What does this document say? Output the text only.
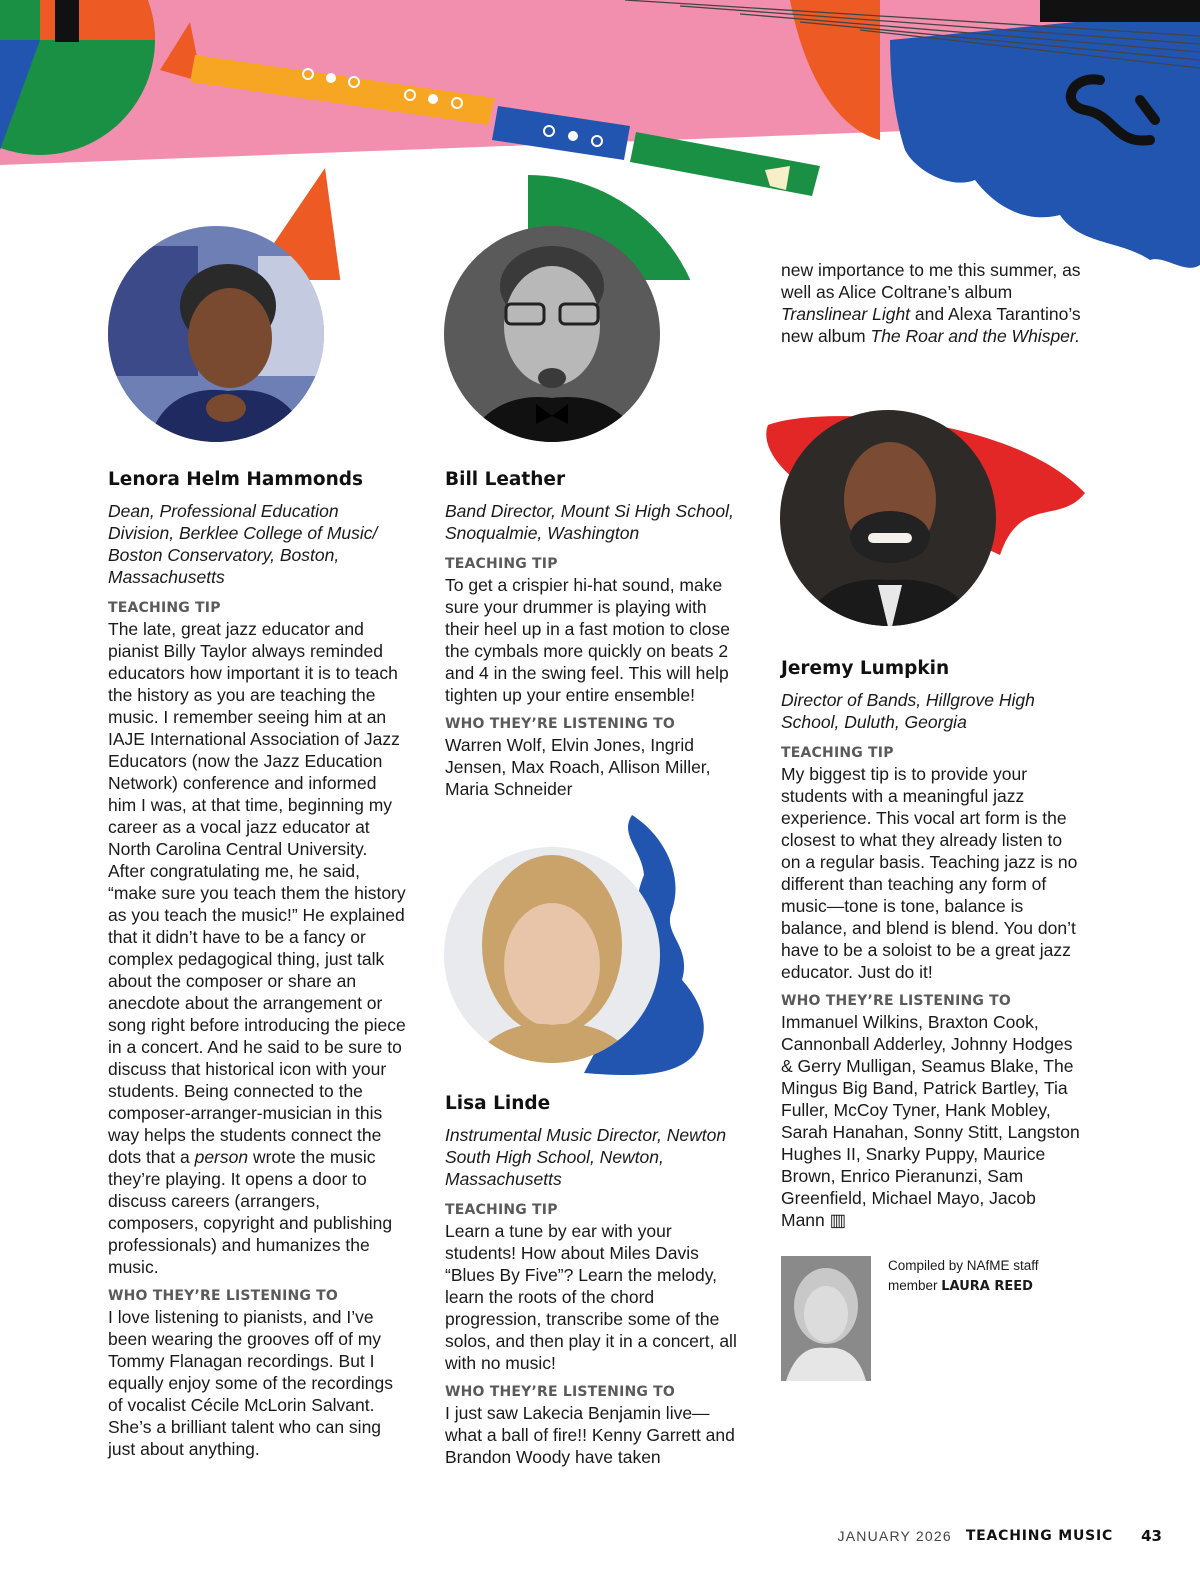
Lenora Helm Hammonds
Dean, Professional Education Division, Berklee College of Music/ Boston Conservatory, Boston, Massachusetts
TEACHING TIP
The late, great jazz educator and pianist Billy Taylor always reminded educators how important it is to teach the history as you are teaching the music. I remember seeing him at an IAJE International Association of Jazz Educators (now the Jazz Education Network) conference and informed him I was, at that time, beginning my career as a vocal jazz educator at North Carolina Central University. After congratulating me, he said, “make sure you teach them the history as you teach the music!” He explained that it didn’t have to be a fancy or complex pedagogical thing, just talk about the composer or share an anecdote about the arrangement or song right before introducing the piece in a concert. And he said to be sure to discuss that historical icon with your students. Being connected to the composer-arranger-musician in this way helps the students connect the dots that a person wrote the music they’re playing. It opens a door to discuss careers (arrangers, composers, copyright and publishing professionals) and humanizes the music.
WHO THEY’RE LISTENING TO
I love listening to pianists, and I’ve been wearing the grooves off of my Tommy Flanagan recordings. But I equally enjoy some of the recordings of vocalist Cécile McLorin Salvant. She’s a brilliant talent who can sing just about anything.
Bill Leather
Band Director, Mount Si High School, Snoqualmie, Washington
TEACHING TIP
To get a crispier hi-hat sound, make sure your drummer is playing with their heel up in a fast motion to close the cymbals more quickly on beats 2 and 4 in the swing feel. This will help tighten up your entire ensemble!
WHO THEY’RE LISTENING TO
Warren Wolf, Elvin Jones, Ingrid Jensen, Max Roach, Allison Miller, Maria Schneider
Lisa Linde
Instrumental Music Director, Newton South High School, Newton, Massachusetts
TEACHING TIP
Learn a tune by ear with your students! How about Miles Davis “Blues By Five”? Learn the melody, learn the roots of the chord progression, transcribe some of the solos, and then play it in a concert, all with no music!
WHO THEY’RE LISTENING TO
I just saw Lakecia Benjamin live—what a ball of fire!! Kenny Garrett and Brandon Woody have taken
new importance to me this summer, as well as Alice Coltrane’s album Translinear Light and Alexa Tarantino’s new album The Roar and the Whisper.
Jeremy Lumpkin
Director of Bands, Hillgrove High School, Duluth, Georgia
TEACHING TIP
My biggest tip is to provide your students with a meaningful jazz experience. This vocal art form is the closest to what they already listen to on a regular basis. Teaching jazz is no different than teaching any form of music—tone is tone, balance is balance, and blend is blend. You don’t have to be a soloist to be a great jazz educator. Just do it!
WHO THEY’RE LISTENING TO
Immanuel Wilkins, Braxton Cook, Cannonball Adderley, Johnny Hodges & Gerry Mulligan, Seamus Blake, The Mingus Big Band, Patrick Bartley, Tia Fuller, McCoy Tyner, Hank Mobley, Sarah Hanahan, Sonny Stitt, Langston Hughes II, Snarky Puppy, Maurice Brown, Enrico Pieranunzi, Sam Greenfield, Michael Mayo, Jacob Mann ▥
Compiled by NAfME staff member LAURA REED
JANUARY 2026 TEACHING MUSIC 43
